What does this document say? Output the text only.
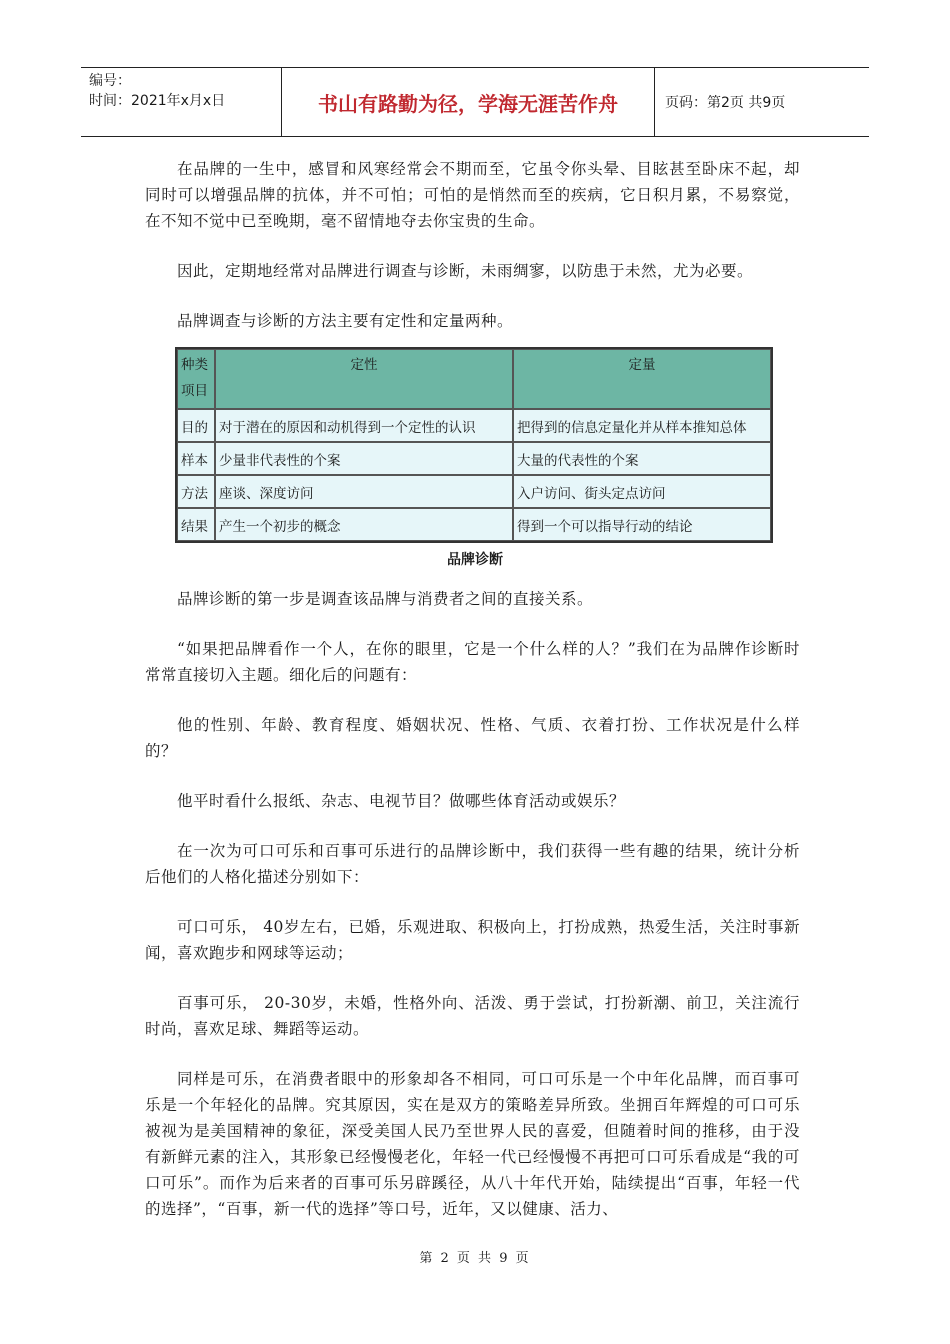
编号：
时间：2021年x月x日	书山有路勤为径，学海无涯苦作舟	页码：第2页 共9页

在品牌的一生中，感冒和风寒经常会不期而至，它虽令你头晕、目眩甚至卧床不起，却同时可以增强品牌的抗体，并不可怕；可怕的是悄然而至的疾病，它日积月累，不易察觉，在不知不觉中已至晚期，毫不留情地夺去你宝贵的生命。

因此，定期地经常对品牌进行调查与诊断，未雨绸寥，以防患于未然，尤为必要。

品牌调查与诊断的方法主要有定性和定量两种。

种类
项目	定性	定量
目的	对于潜在的原因和动机得到一个定性的认识	把得到的信息定量化并从样本推知总体
样本	少量非代表性的个案	大量的代表性的个案
方法	座谈、深度访问	入户访问、街头定点访问
结果	产生一个初步的概念	得到一个可以指导行动的结论
品牌诊断

品牌诊断的第一步是调查该品牌与消费者之间的直接关系。

“如果把品牌看作一个人，在你的眼里，它是一个什么样的人？”我们在为品牌作诊断时常常直接切入主题。细化后的问题有：

他的性别、年龄、教育程度、婚姻状况、性格、气质、衣着打扮、工作状况是什么样的？

他平时看什么报纸、杂志、电视节目？做哪些体育活动或娱乐？

在一次为可口可乐和百事可乐进行的品牌诊断中，我们获得一些有趣的结果，统计分析后他们的人格化描述分别如下：

可口可乐， 40岁左右，已婚，乐观进取、积极向上，打扮成熟，热爱生活，关注时事新闻，喜欢跑步和网球等运动；

百事可乐， 20-30岁，未婚，性格外向、活泼、勇于尝试，打扮新潮、前卫，关注流行时尚，喜欢足球、舞蹈等运动。

同样是可乐，在消费者眼中的形象却各不相同，可口可乐是一个中年化品牌，而百事可乐是一个年轻化的品牌。究其原因，实在是双方的策略差异所致。坐拥百年辉煌的可口可乐被视为是美国精神的象征，深受美国人民乃至世界人民的喜爱，但随着时间的推移，由于没有新鲜元素的注入，其形象已经慢慢老化，年轻一代已经慢慢不再把可口可乐看成是“我的可口可乐”。而作为后来者的百事可乐另辟蹊径，从八十年代开始，陆续提出“百事，年轻一代的选择”，“百事，新一代的选择”等口号，近年，又以健康、活力、

第 2 页 共 9 页
